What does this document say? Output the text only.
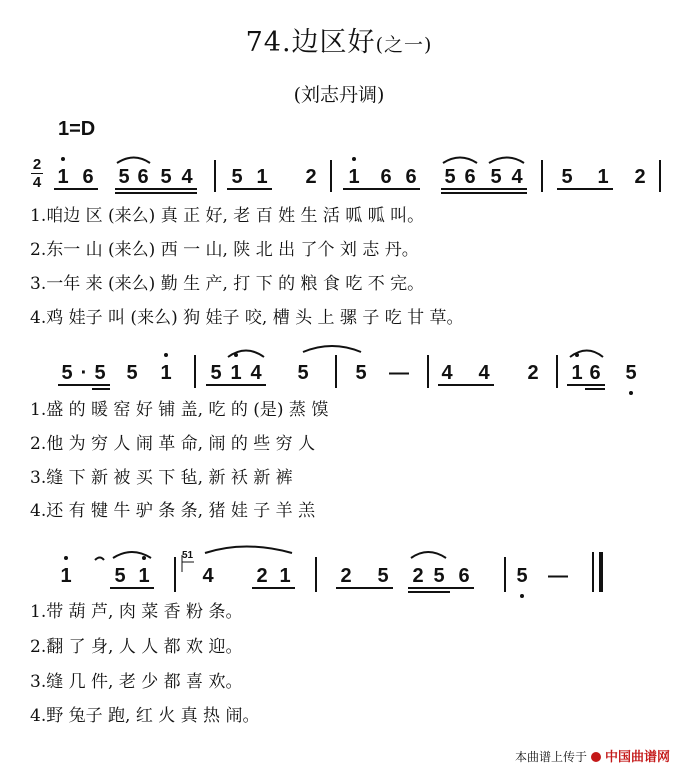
74.边区好(之一)
(刘志丹调)
1=D
2
4 1 6 5 6 5 4 5 1 2 1 6 6 5 6 5 4 5 1 2
1.咱边 区 (来么) 真 正 好, 老 百 姓 生 活 呱 呱 叫。
2.东一 山 (来么) 西 一 山, 陕 北 出 了个 刘 志 丹。
3.一年 来 (来么) 勤 生 产, 打 下 的 粮 食 吃 不 完。
4.鸡 娃子 叫 (来么) 狗 娃子 咬, 槽 头 上 骡 子 吃 甘 草。
5 · 5 5 1 5 1 4 5 5 — 4 4 2 1 6 5
1.盛 的 暖 窑 好 铺 盖, 吃 的 (是) 蒸 馍
2.他 为 穷 人 闹 革 命, 闹 的 些 穷 人
3.缝 下 新 被 买 下 毡, 新 袄 新 裤
4.还 有 犍 牛 驴 条 条, 猪 娃 子 羊 羔
1 5 1
51
4 2 1 2 5 2 5 6 5 —
1.带 葫 芦, 肉 菜 香 粉 条。
2.翻 了 身, 人 人 都 欢 迎。
3.缝 几 件, 老 少 都 喜 欢。
4.野 兔子 跑, 红 火 真 热 闹。
本曲谱上传于 中国曲谱网
